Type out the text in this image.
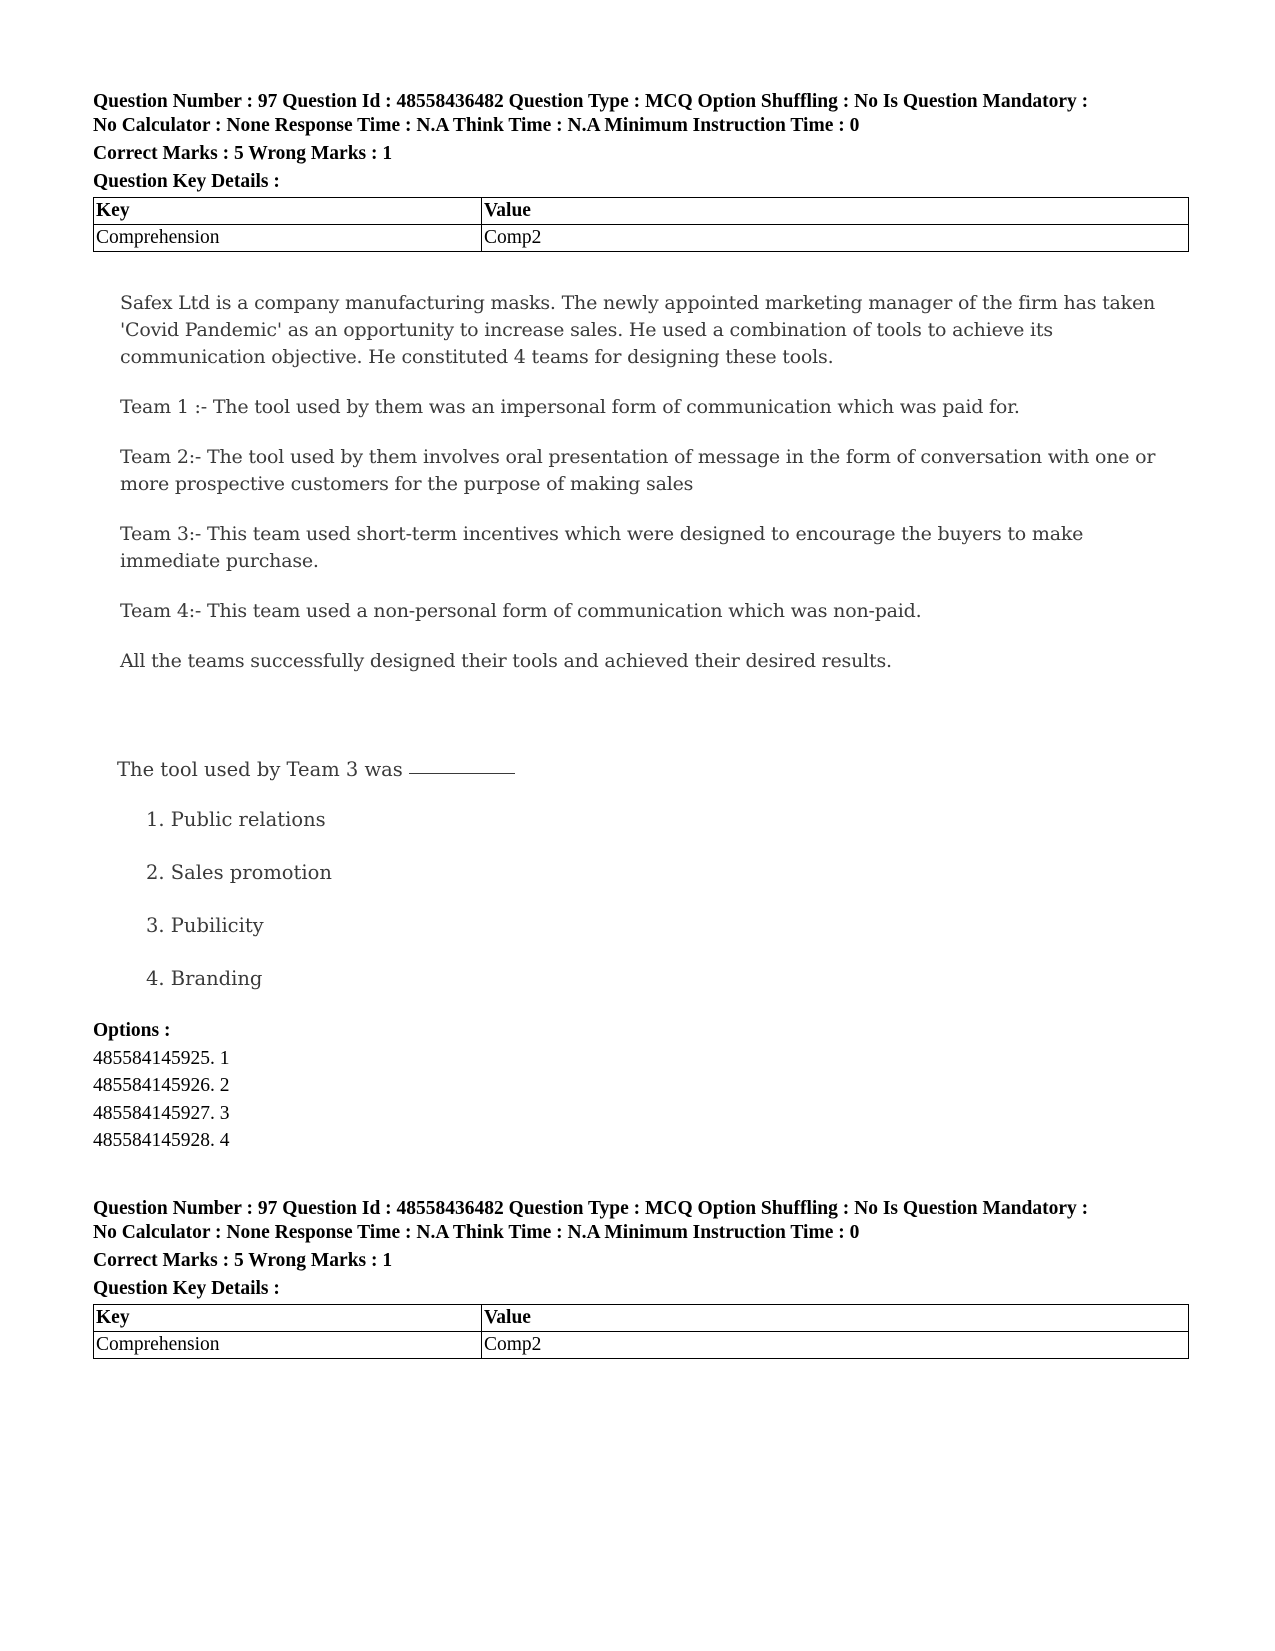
Question Number : 97 Question Id : 48558436482 Question Type : MCQ Option Shuffling : No Is Question Mandatory :

No Calculator : None Response Time : N.A Think Time : N.A Minimum Instruction Time : 0

Correct Marks : 5 Wrong Marks : 1

Question Key Details :

Key	Value
Comprehension	Comp2

Safex Ltd is a company manufacturing masks. The newly appointed marketing manager of the firm has taken
'Covid Pandemic' as an opportunity to increase sales. He used a combination of tools to achieve its
communication objective. He constituted 4 teams for designing these tools.

Team 1 :- The tool used by them was an impersonal form of communication which was paid for.

Team 2:- The tool used by them involves oral presentation of message in the form of conversation with one or
more prospective customers for the purpose of making sales

Team 3:- This team used short-term incentives which were designed to encourage the buyers to make
immediate purchase.

Team 4:- This team used a non-personal form of communication which was non-paid.

All the teams successfully designed their tools and achieved their desired results.

The tool used by Team 3 was
1. Public relations
2. Sales promotion
3. Pubilicity
4. Branding
Options :
485584145925. 1
485584145926. 2
485584145927. 3
485584145928. 4

Question Number : 97 Question Id : 48558436482 Question Type : MCQ Option Shuffling : No Is Question Mandatory :

No Calculator : None Response Time : N.A Think Time : N.A Minimum Instruction Time : 0

Correct Marks : 5 Wrong Marks : 1

Question Key Details :

Key	Value
Comprehension	Comp2
